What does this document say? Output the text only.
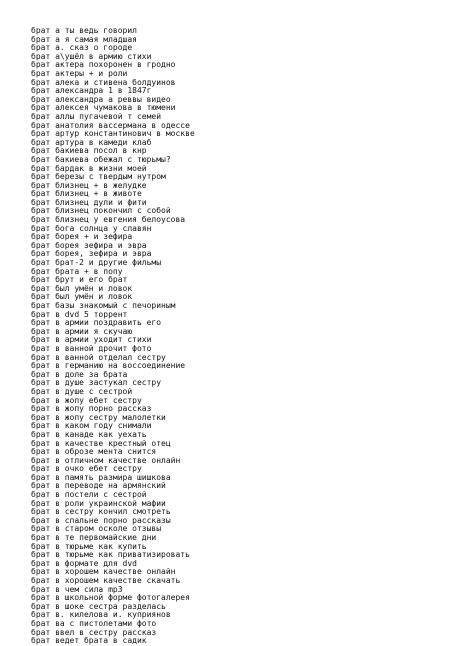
брат а ты ведь говорил
брат а я самая младшая
брат а. сказ о городе
брат а\ушёл в армию стихи
брат актера похоронен в гродно
брат актеры + и роли
брат алека и стивена болдуинов
брат александра 1 в 1847г
брат александра а реввы видео
брат алексея чумакова в тюмени
брат аллы пугачевой т семей
брат анатолия вассермана в одессе
брат артур константинович в москве
брат артура в камеди клаб
брат бакиева посол в кнр
брат бакиева обежал с тюрьмы?
брат бардак в жизни моей
брат березы с твердым нутром
брат близнец + в желудке
брат близнец + в животе
брат близнец дули и фити
брат близнец покончил с собой
брат близнец у евгения белоусова
брат бога солнца у славян
брат борея + и зефира
брат борея зефира и эвра
брат борея, зефира и эвра
брат брат-2 и другие фильмы
брат брата + в попу
брат брут и его брат
брат был умён и ловок
брат был умён и ловок
брат базы знакомый с печориным
брат в dvd 5 торрент
брат в армии поздравить его
брат в армии я скучаю
брат в армии уходит стихи
брат в ванной дрочит фото
брат в ванной отделал сестру
брат в германию на воссоединение
брат в доле за брата
брат в душе застукал сестру
брат в душе с сестрой
брат в жопу ебет сестру
брат в жопу порно рассказ
брат в жопу сестру малолетки
брат в каком году снимали
брат в канаде как уехать
брат в качестве крестный отец
брат в оброзе мента снится
брат в отличном качестве онлайн
брат в очко ебет сестру
брат в память размира шишкова
брат в переводе на армянский
брат в постели с сестрой
брат в роли украинской мафии
брат в сестру кончил смотреть
брат в спальне порно рассказы
брат в старом осколе отзывы
брат в те первомайские дни
брат в тюрьме как купить
брат в тюрьме как приватизировать
брат в формате для dvd
брат в хорошем качестве онлайн
брат в хорошем качестве скачать
брат в чем сила mp3
брат в школьной форме фотогалерея
брат в шоке сестра разделась
брат в. килелова и. куприянов
брат ва с пистолетами фото
брат ввел в сестру рассказ
брат ведет брата в садик
